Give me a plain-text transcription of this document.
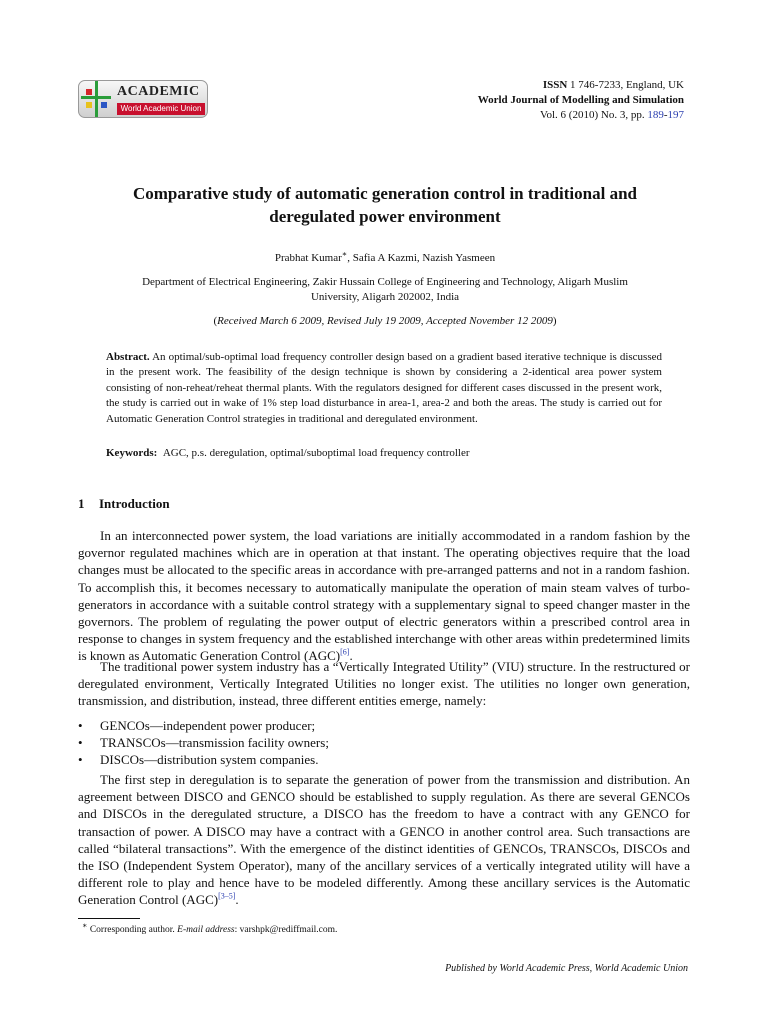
ACADEMIC
World Academic Union
ISSN 1 746-7233, England, UK
World Journal of Modelling and Simulation
Vol. 6 (2010) No. 3, pp. 189-197
Comparative study of automatic generation control in traditional and
deregulated power environment
Prabhat Kumar∗, Safia A Kazmi, Nazish Yasmeen
Department of Electrical Engineering, Zakir Hussain College of Engineering and Technology, Aligarh Muslim
University, Aligarh 202002, India
(Received March 6 2009, Revised July 19 2009, Accepted November 12 2009)
Abstract. An optimal/sub-optimal load frequency controller design based on a gradient based iterative technique is discussed in the present work. The feasibility of the design technique is shown by considering a 2-identical area power system consisting of non-reheat/reheat thermal plants. With the regulators designed for different cases discussed in the present work, the study is carried out in wake of 1% step load disturbance in area-1, area-2 and both the areas. The study is carried out for Automatic Generation Control strategies in traditional and deregulated environment.
Keywords: AGC, p.s. deregulation, optimal/suboptimal load frequency controller
1 Introduction
In an interconnected power system, the load variations are initially accommodated in a random fashion by the governor regulated machines which are in operation at that instant. The operating objectives require that the load changes must be allocated to the specific areas in accordance with pre-arranged patterns and not in a random fashion. To accomplish this, it becomes necessary to automatically manipulate the operation of main steam valves of turbo-generators in accordance with a suitable control strategy with a supplementary signal to speed changer master in the governors. The problem of regulating the power output of electric generators within a prescribed control area in response to changes in system frequency and the established interchange with other areas within predetermined limits is known as Automatic Generation Control (AGC)[6].
The traditional power system industry has a “Vertically Integrated Utility” (VIU) structure. In the restructured or deregulated environment, Vertically Integrated Utilities no longer exist. The utilities no longer own generation, transmission, and distribution, instead, three different entities emerge, namely:
• GENCOs—independent power producer;
• TRANSCOs—transmission facility owners;
• DISCOs—distribution system companies.
The first step in deregulation is to separate the generation of power from the transmission and distribution. An agreement between DISCO and GENCO should be established to supply regulation. As there are several GENCOs and DISCOs in the deregulated structure, a DISCO has the freedom to have a contract with any GENCO for transaction of power. A DISCO may have a contract with a GENCO in another control area. Such transactions are called “bilateral transactions”. With the emergence of the distinct identities of GENCOs, TRANSCOs, DISCOs and the ISO (Independent System Operator), many of the ancillary services of a vertically integrated utility will have a different role to play and hence have to be modeled differently. Among these ancillary services is the Automatic Generation Control (AGC)[3–5].
∗ Corresponding author. E-mail address: varshpk@rediffmail.com.
Published by World Academic Press, World Academic Union
